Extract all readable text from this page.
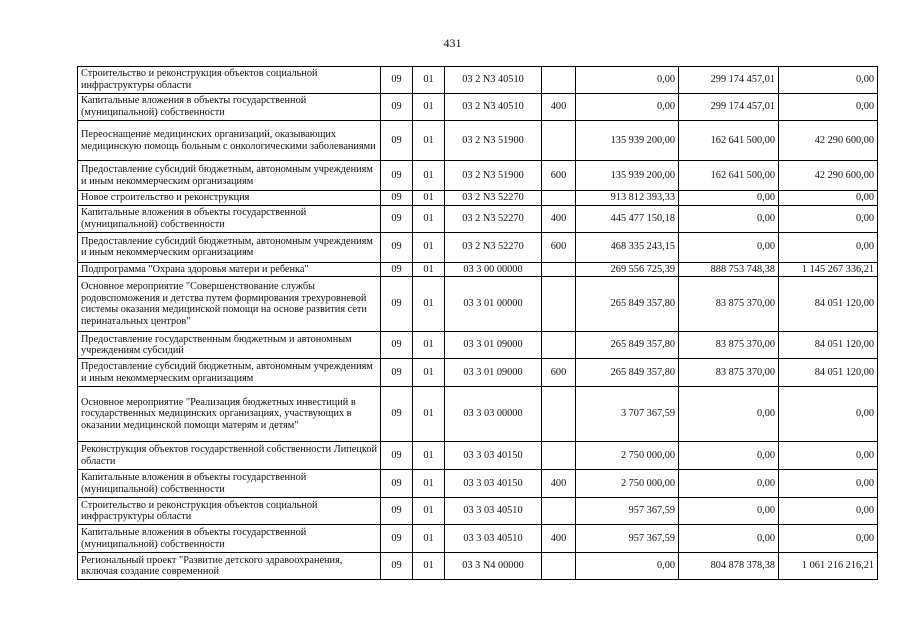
431
Строительство и реконструкция объектов социальной инфраструктуры области	09	01	03 2 N3 40510		0,00	299 174 457,01	0,00
Капитальные вложения в объекты государственной (муниципальной) собственности	09	01	03 2 N3 40510	400	0,00	299 174 457,01	0,00
Переоснащение медицинских организаций, оказывающих медицинскую помощь больным с онкологическими заболеваниями	09	01	03 2 N3 51900		135 939 200,00	162 641 500,00	42 290 600,00
Предоставление субсидий бюджетным, автономным учреждениям и иным некоммерческим организациям	09	01	03 2 N3 51900	600	135 939 200,00	162 641 500,00	42 290 600,00
Новое строительство и реконструкция	09	01	03 2 N3 52270		913 812 393,33	0,00	0,00
Капитальные вложения в объекты государственной (муниципальной) собственности	09	01	03 2 N3 52270	400	445 477 150,18	0,00	0,00
Предоставление субсидий бюджетным, автономным учреждениям и иным некоммерческим организациям	09	01	03 2 N3 52270	600	468 335 243,15	0,00	0,00
Подпрограмма "Охрана здоровья матери и ребенка"	09	01	03 3 00 00000		269 556 725,39	888 753 748,38	1 145 267 336,21
Основное мероприятие "Совершенствование службы родовспоможения и детства путем формирования трехуровневой системы оказания медицинской помощи на основе развития сети перинатальных центров"	09	01	03 3 01 00000		265 849 357,80	83 875 370,00	84 051 120,00
Предоставление государственным бюджетным и автономным учреждениям субсидий	09	01	03 3 01 09000		265 849 357,80	83 875 370,00	84 051 120,00
Предоставление субсидий бюджетным, автономным учреждениям и иным некоммерческим организациям	09	01	03 3 01 09000	600	265 849 357,80	83 875 370,00	84 051 120,00
Основное мероприятие "Реализация бюджетных инвестиций в государственных медицинских организациях, участвующих в оказании медицинской помощи матерям и детям"	09	01	03 3 03 00000		3 707 367,59	0,00	0,00
Реконструкция объектов государственной собственности Липецкой области	09	01	03 3 03 40150		2 750 000,00	0,00	0,00
Капитальные вложения в объекты государственной (муниципальной) собственности	09	01	03 3 03 40150	400	2 750 000,00	0,00	0,00
Строительство и реконструкция объектов социальной инфраструктуры области	09	01	03 3 03 40510		957 367,59	0,00	0,00
Капитальные вложения в объекты государственной (муниципальной) собственности	09	01	03 3 03 40510	400	957 367,59	0,00	0,00
Региональный проект "Развитие детского здравоохранения, включая создание современной	09	01	03 3 N4 00000		0,00	804 878 378,38	1 061 216 216,21
